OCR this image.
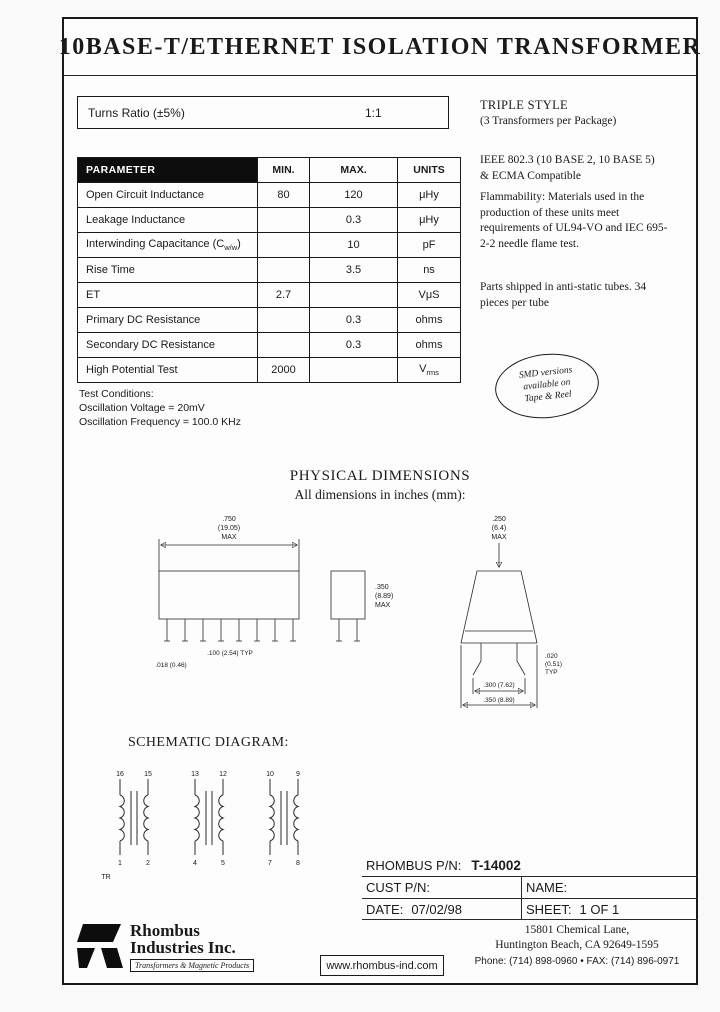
10BASE-T/ETHERNET ISOLATION TRANSFORMER
Turns Ratio (±5%)	1:1
PARAMETER	MIN.	MAX.	UNITS
Open Circuit Inductance	80	120	μHy
Leakage Inductance		0.3	μHy
Interwinding Capacitance $(C_{w/w})$		10	pF
Rise Time		3.5	ns
ET	2.7		VμS
Primary DC Resistance		0.3	ohms
Secondary DC Resistance		0.3	ohms
High Potential Test	2000		$V_{rms}$
Test Conditions:
Oscillation Voltage = 20mV
Oscillation Frequency = 100.0 KHz
TRIPLE STYLE
(3 Transformers per Package)
IEEE 802.3 (10 BASE 2, 10 BASE 5)
& ECMA Compatible
Flammability: Materials used in the production of these units meet requirements of UL94-VO and IEC 695-2-2 needle flame test.
Parts shipped in anti-static tubes. 34 pieces per tube
SMD versions
available on
Tape & Reel
PHYSICAL DIMENSIONS
All dimensions in inches (mm):
.750
(19.05)
MAX
.100 (2.54) TYP
.018 (0.46)
.350
(8.89)
MAX
.250
(6.4)
MAX
.020
(0.51)
TYP
.300 (7.62)
.350 (8.89)
SCHEMATIC DIAGRAM:
16	15
1	2
13	12
4	5
10	9
7	8
TR
RHOMBUS P/N: T-14002
CUST P/N:	NAME:
DATE: 07/02/98	SHEET: 1 OF 1
Rhombus
Industries Inc.
Transformers & Magnetic Products	www.rhombus-ind.com
15801 Chemical Lane,
Huntington Beach, CA 92649-1595
Phone: (714) 898-0960 • FAX: (714) 896-0971
